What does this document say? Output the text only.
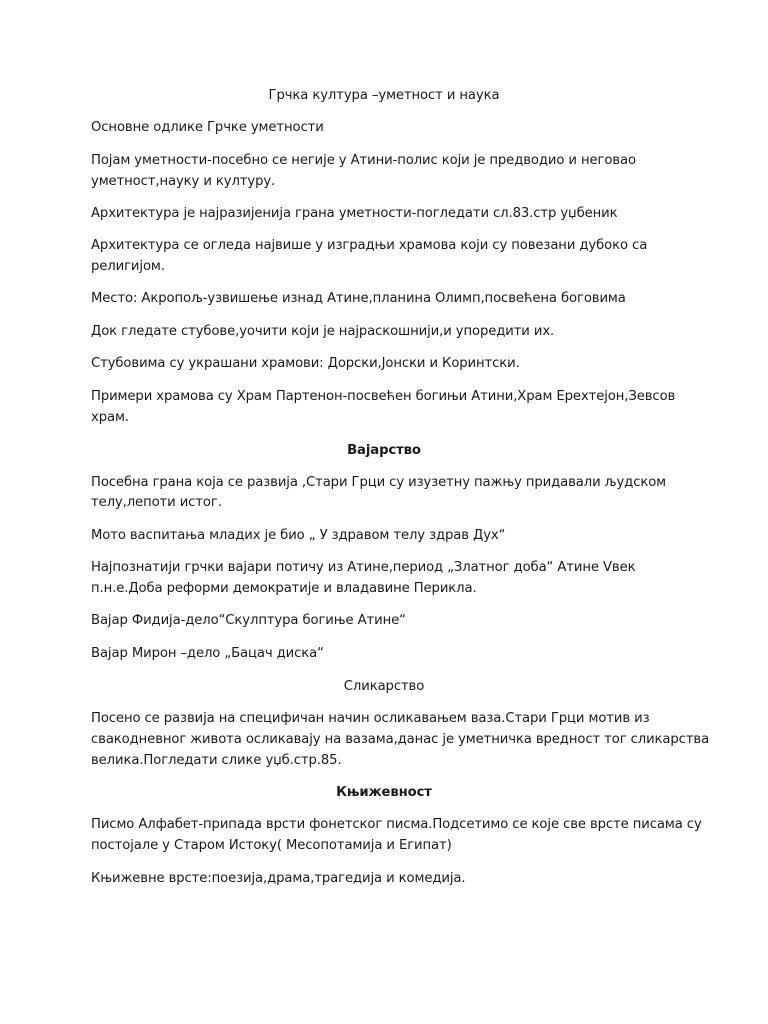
Грчка култура –уметност и наука
Основне одлике Грчке уметности
Појам уметности-посебно се негије у Атини-полис који је предводио и неговао
уметност,науку и културу.
Архитектура је најразијенија грана уметности-погледати сл.83.стр уџбеник
Архитектура се огледа највише у изградњи храмова који су повезани дубоко са
религијом.
Место: Акропољ-узвишење изнад Атине,планина Олимп,посвећена боговима
Док гледате стубове,уочити који је најраскошнији,и упоредити их.
Стубовима су украшани храмови: Дорски,Јонски и Коринтски.
Примери храмова су Храм Партенон-посвећен богињи Атини,Храм Ерехтејон,Зевсов
храм.
Вајарство
Посебна грана која се развија ,Стари Грци су изузетну пажњу придавали људском
телу,лепоти истог.
Мото васпитања младих је био „ У здравом телу здрав Дух“
Најпознатији грчки вајари потичу из Атине,период „Златног доба“ Атине Vвек
п.н.е.Доба реформи демократије и владавине Перикла.
Вајар Фидија-дело“Скулптура богиње Атине“
Вајар Мирон –дело „Бацач диска“
Сликарство
Посено се развија на специфичан начин осликавањем ваза.Стари Грци мотив из
свакодневног живота осликавају на вазама,данас је уметничка вредност тог сликарства
велика.Погледати слике уџб.стр.85.
Књижевност
Писмо Алфабет-припада врсти фонетског писма.Подсетимо се које све врсте писама су
постојале у Старом Истоку( Месопотамија и Египат)
Књижевне врсте:поезија,драма,трагедија и комедија.
